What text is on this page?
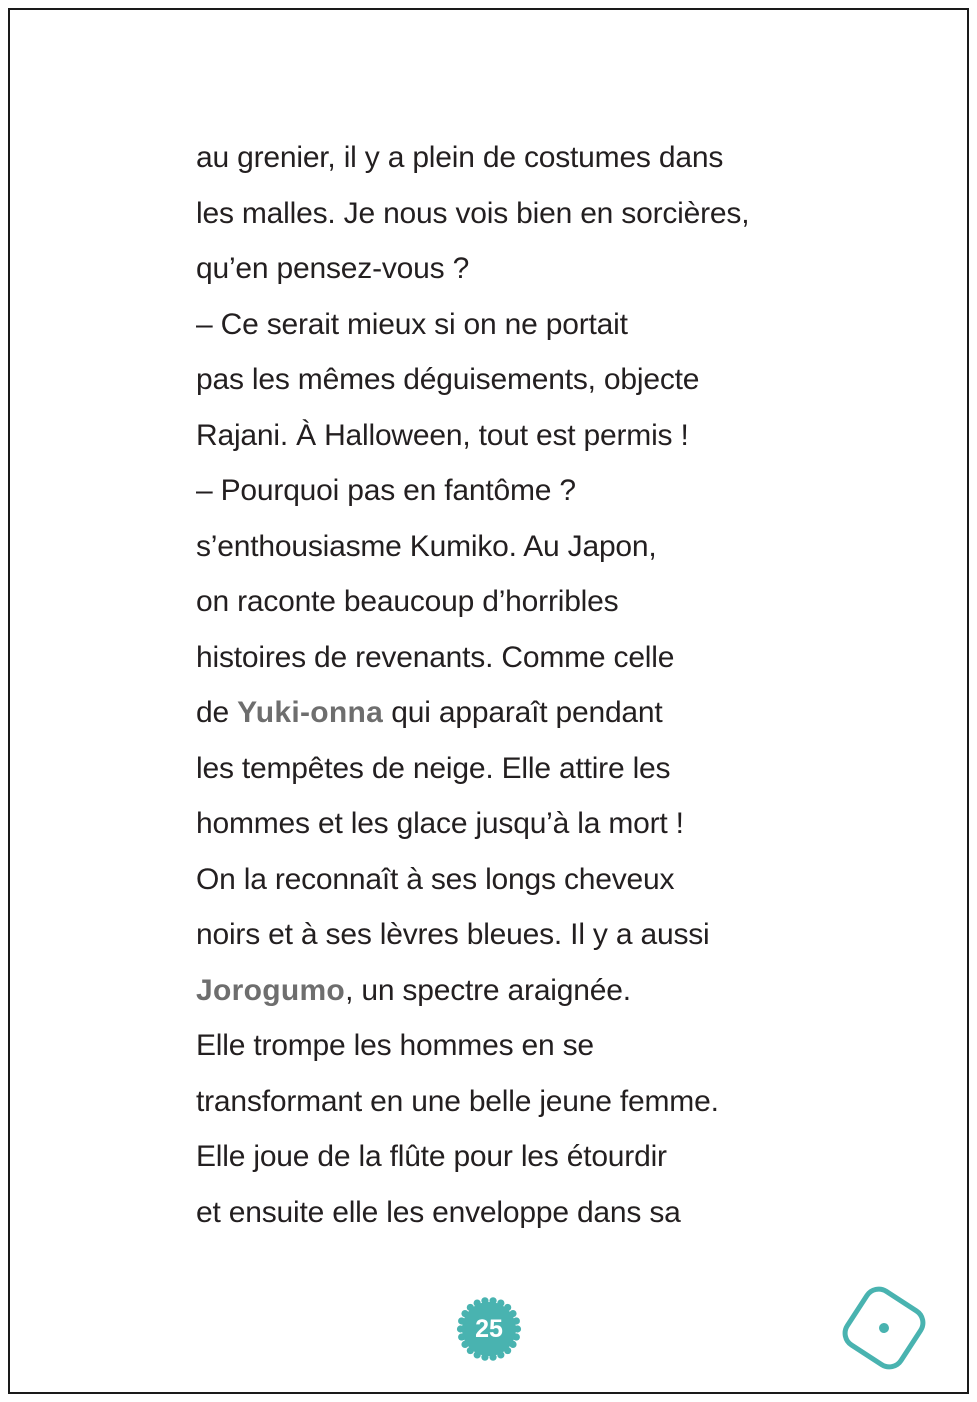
au grenier, il y a plein de costumes dans
les malles. Je nous vois bien en sorcières,
qu’en pensez-vous ?
– Ce serait mieux si on ne portait
pas les mêmes déguisements, objecte
Rajani. À Halloween, tout est permis !
– Pourquoi pas en fantôme ?
s’enthousiasme Kumiko. Au Japon,
on raconte beaucoup d’horribles
histoires de revenants. Comme celle
de Yuki-onna qui apparaît pendant
les tempêtes de neige. Elle attire les
hommes et les glace jusqu’à la mort !
On la reconnaît à ses longs cheveux
noirs et à ses lèvres bleues. Il y a aussi
Jorogumo, un spectre araignée.
Elle trompe les hommes en se
transformant en une belle jeune femme.
Elle joue de la flûte pour les étourdir
et ensuite elle les enveloppe dans sa
25
